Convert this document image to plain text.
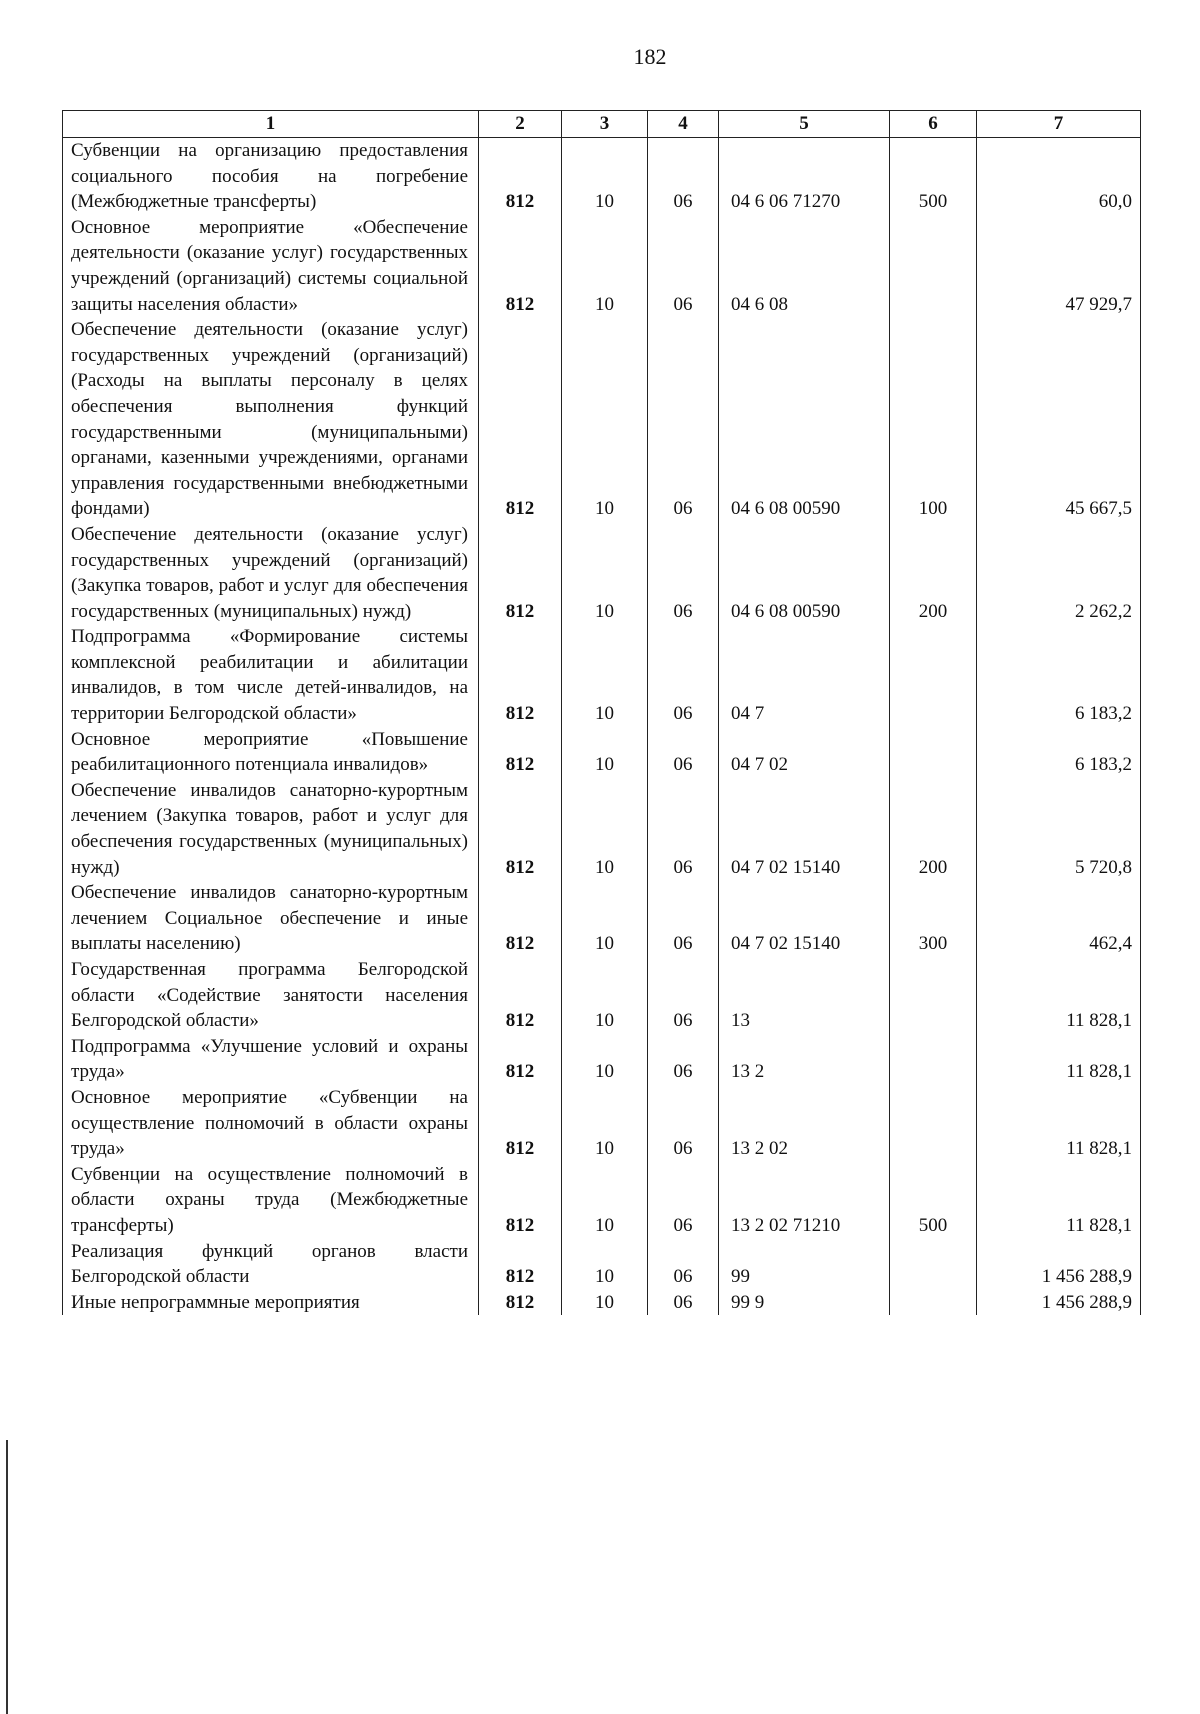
182
1	2	3	4	5	6	7
Субвенции на организацию предоставления социального пособия на погребение (Межбюджетные трансферты)	812	10	06	04 6 06 71270	500	60,0
Основное мероприятие «Обеспечение деятельности (оказание услуг) государственных учреждений (организаций) системы социальной защиты населения области»	812	10	06	04 6 08		47 929,7
Обеспечение деятельности (оказание услуг) государственных учреждений (организаций) (Расходы на выплаты персоналу в целях обеспечения выполнения функций государственными (муниципальными) органами, казенными учреждениями, органами управления государственными внебюджетными фондами)	812	10	06	04 6 08 00590	100	45 667,5
Обеспечение деятельности (оказание услуг) государственных учреждений (организаций) (Закупка товаров, работ и услуг для обеспечения государственных (муниципальных) нужд)	812	10	06	04 6 08 00590	200	2 262,2
Подпрограмма «Формирование системы комплексной реабилитации и абилитации инвалидов, в том числе детей-инвалидов, на территории Белгородской области»	812	10	06	04 7		6 183,2
Основное мероприятие «Повышение реабилитационного потенциала инвалидов»	812	10	06	04 7 02		6 183,2
Обеспечение инвалидов санаторно-курортным лечением (Закупка товаров, работ и услуг для обеспечения государственных (муниципальных) нужд)	812	10	06	04 7 02 15140	200	5 720,8
Обеспечение инвалидов санаторно-курортным лечением Социальное обеспечение и иные выплаты населению)	812	10	06	04 7 02 15140	300	462,4
Государственная программа Белгородской области «Содействие занятости населения Белгородской области»	812	10	06	13		11 828,1
Подпрограмма «Улучшение условий и охраны труда»	812	10	06	13 2		11 828,1
Основное мероприятие «Субвенции на осуществление полномочий в области охраны труда»	812	10	06	13 2 02		11 828,1
Субвенции на осуществление полномочий в области охраны труда (Межбюджетные трансферты)	812	10	06	13 2 02 71210	500	11 828,1
Реализация функций органов власти Белгородской области	812	10	06	99		1 456 288,9
Иные непрограммные мероприятия	812	10	06	99 9		1 456 288,9
